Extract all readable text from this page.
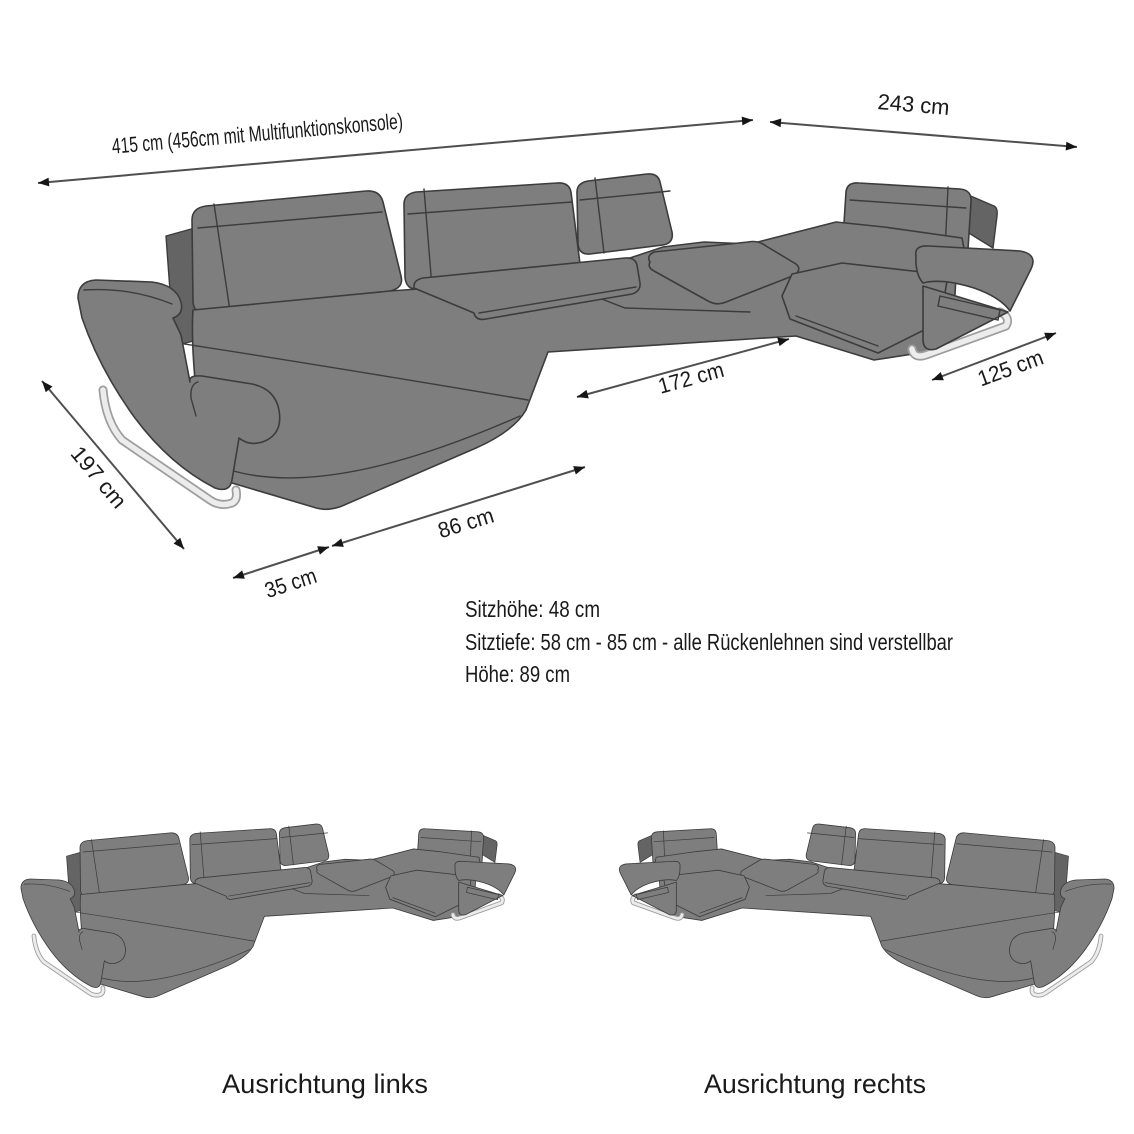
415 cm (456cm mit Multifunktionskonsole)	243 cm
172 cm	125 cm
197 cm
35 cm
86 cm
Sitzhöhe: 48 cm
Sitztiefe: 58 cm - 85 cm - alle Rückenlehnen sind verstellbar
Höhe: 89 cm
Ausrichtung links	Ausrichtung rechts
